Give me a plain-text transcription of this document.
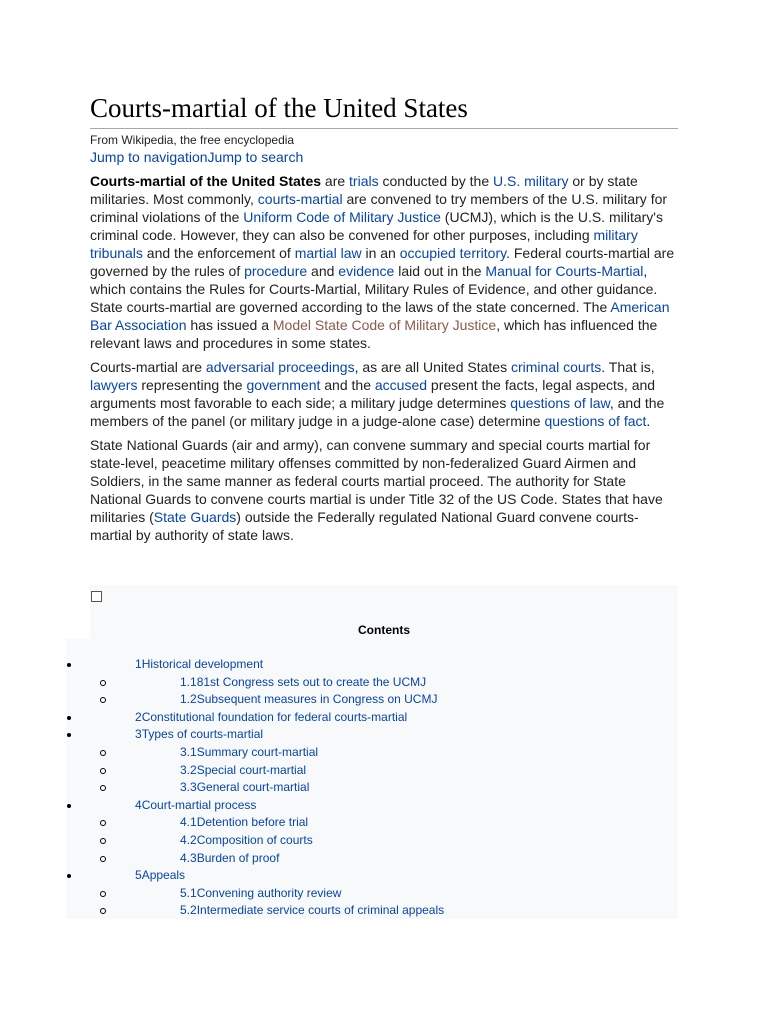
Courts-martial of the United States
From Wikipedia, the free encyclopedia
Jump to navigationJump to search

Courts-martial of the United States are trials conducted by the U.S. military or by state militaries. Most commonly, courts-martial are convened to try members of the U.S. military for criminal violations of the Uniform Code of Military Justice (UCMJ), which is the U.S. military's criminal code. However, they can also be convened for other purposes, including military tribunals and the enforcement of martial law in an occupied territory. Federal courts-martial are governed by the rules of procedure and evidence laid out in the Manual for Courts-Martial, which contains the Rules for Courts-Martial, Military Rules of Evidence, and other guidance. State courts-martial are governed according to the laws of the state concerned. The American Bar Association has issued a Model State Code of Military Justice, which has influenced the relevant laws and procedures in some states.

Courts-martial are adversarial proceedings, as are all United States criminal courts. That is, lawyers representing the government and the accused present the facts, legal aspects, and arguments most favorable to each side; a military judge determines questions of law, and the members of the panel (or military judge in a judge-alone case) determine questions of fact.

State National Guards (air and army), can convene summary and special courts martial for state-level, peacetime military offenses committed by non-federalized Guard Airmen and Soldiers, in the same manner as federal courts martial proceed. The authority for State National Guards to convene courts martial is under Title 32 of the US Code. States that have militaries (State Guards) outside the Federally regulated National Guard convene courts-martial by authority of state laws.

Contents
1Historical development
1.181st Congress sets out to create the UCMJ
1.2Subsequent measures in Congress on UCMJ
2Constitutional foundation for federal courts-martial
3Types of courts-martial
3.1Summary court-martial
3.2Special court-martial
3.3General court-martial
4Court-martial process
4.1Detention before trial
4.2Composition of courts
4.3Burden of proof
5Appeals
5.1Convening authority review
5.2Intermediate service courts of criminal appeals
